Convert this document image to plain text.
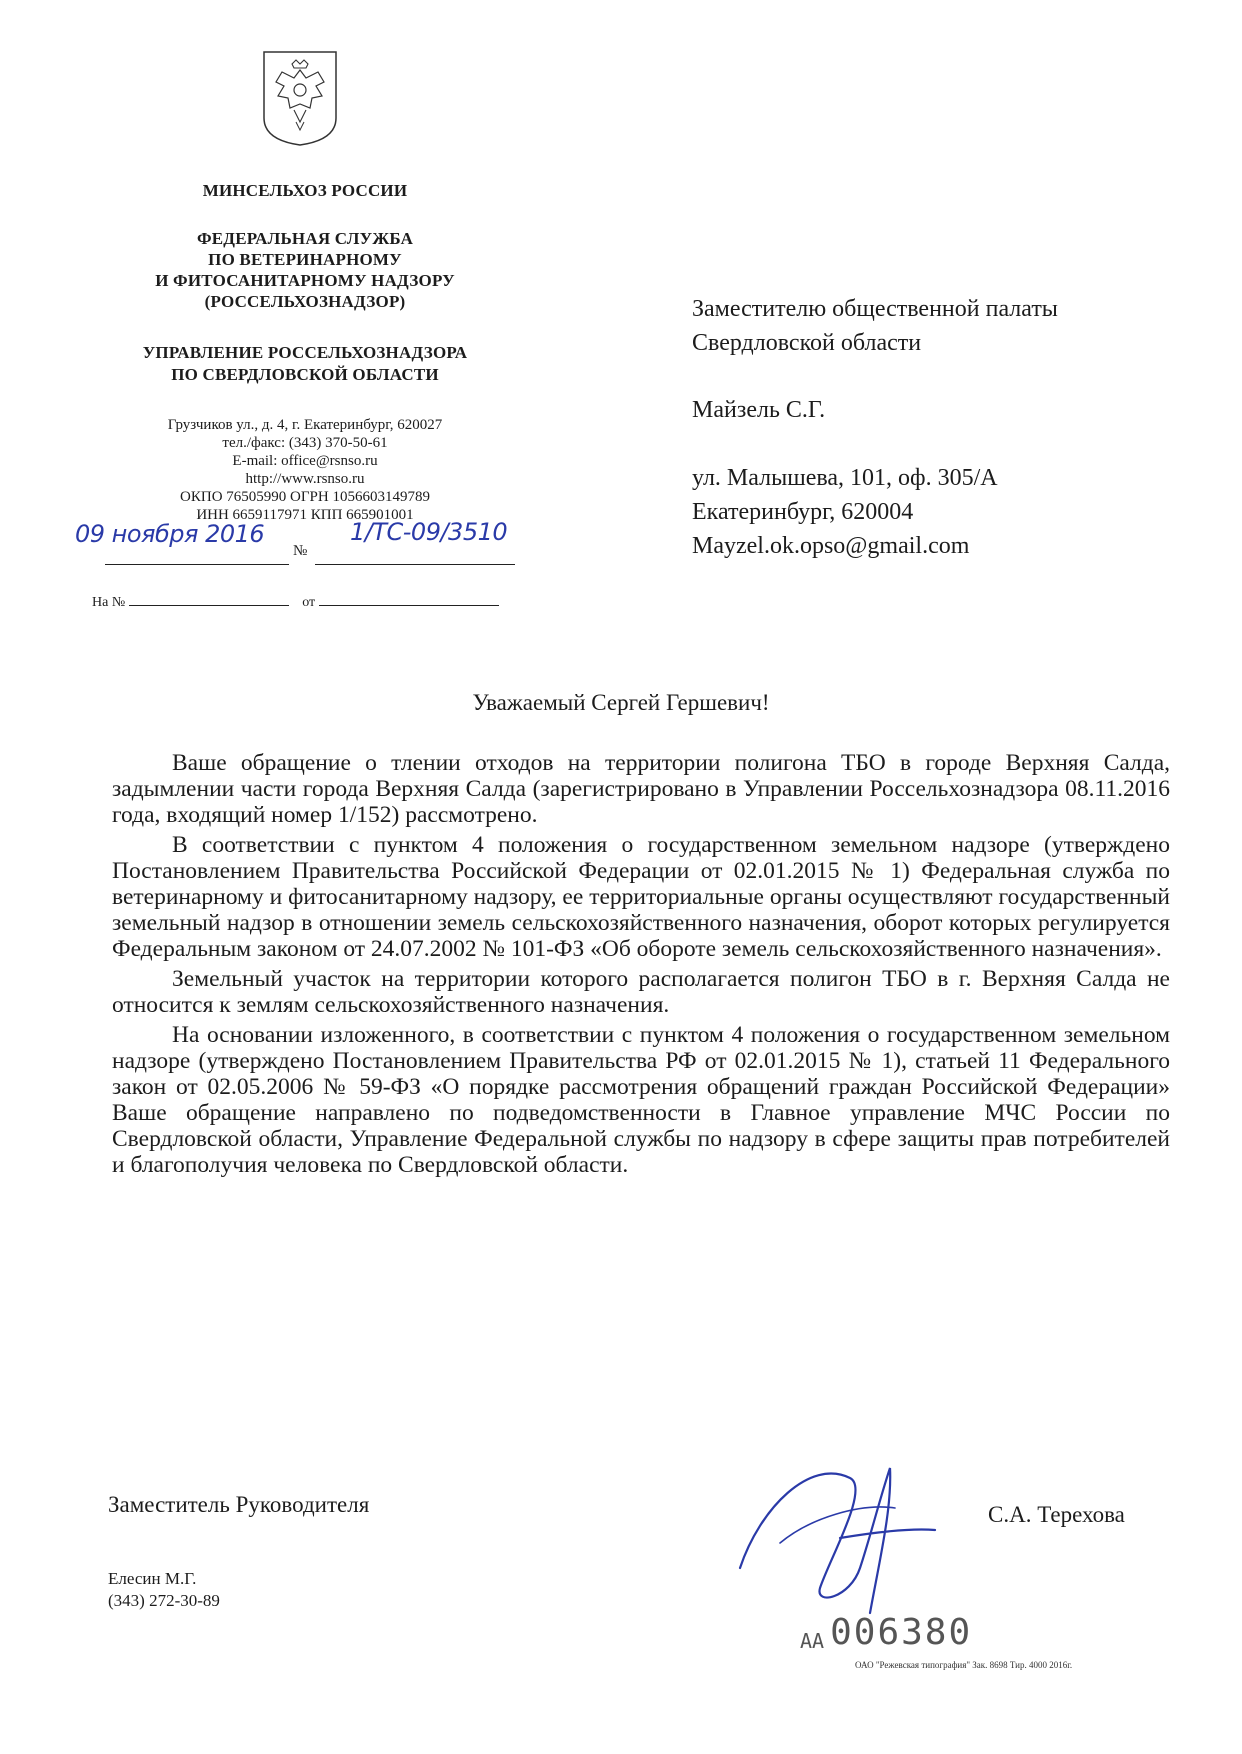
МИНСЕЛЬХОЗ РОССИИ
ФЕДЕРАЛЬНАЯ СЛУЖБА
ПО ВЕТЕРИНАРНОМУ
И ФИТОСАНИТАРНОМУ НАДЗОРУ
(РОССЕЛЬХОЗНАДЗОР)
УПРАВЛЕНИЕ РОССЕЛЬХОЗНАДЗОРА
ПО СВЕРДЛОВСКОЙ ОБЛАСТИ
Грузчиков ул., д. 4, г. Екатеринбург, 620027
тел./факс: (343) 370-50-61
E-mail: office@rsnso.ru
http://www.rsnso.ru
ОКПО 76505990 ОГРН 1056603149789
ИНН 6659117971 КПП 665901001
09 ноября 2016
№
1/ТС-09/3510
На №	от
Заместителю общественной палаты
Свердловской области
Майзель С.Г.
ул. Малышева, 101, оф. 305/А
Екатеринбург, 620004
Mayzel.ok.opso@gmail.com
Уважаемый Сергей Гершевич!

Ваше обращение о тлении отходов на территории полигона ТБО в городе Верхняя Салда, задымлении части города Верхняя Салда (зарегистрировано в Управлении Россельхознадзора 08.11.2016 года, входящий номер 1/152) рассмотрено.

В соответствии с пунктом 4 положения о государственном земельном надзоре (утверждено Постановлением Правительства Российской Федерации от 02.01.2015 № 1) Федеральная служба по ветеринарному и фитосанитарному надзору, ее территориальные органы осуществляют государственный земельный надзор в отношении земель сельскохозяйственного назначения, оборот которых регулируется Федеральным законом от 24.07.2002 № 101-ФЗ «Об обороте земель сельскохозяйственного назначения».

Земельный участок на территории которого располагается полигон ТБО в г. Верхняя Салда не относится к землям сельскохозяйственного назначения.

На основании изложенного, в соответствии с пунктом 4 положения о государственном земельном надзоре (утверждено Постановлением Правительства РФ от 02.01.2015 № 1), статьей 11 Федерального закон от 02.05.2006 № 59-ФЗ «О порядке рассмотрения обращений граждан Российской Федерации» Ваше обращение направлено по подведомственности в Главное управление МЧС России по Свердловской области, Управление Федеральной службы по надзору в сфере защиты прав потребителей и благополучия человека по Свердловской области.

Заместитель Руководителя	С.А. Терехова
Елесин М.Г.
(343) 272-30-89
АА 006380
ОАО "Режевская типография" Зак. 8698 Тир. 4000 2016г.
